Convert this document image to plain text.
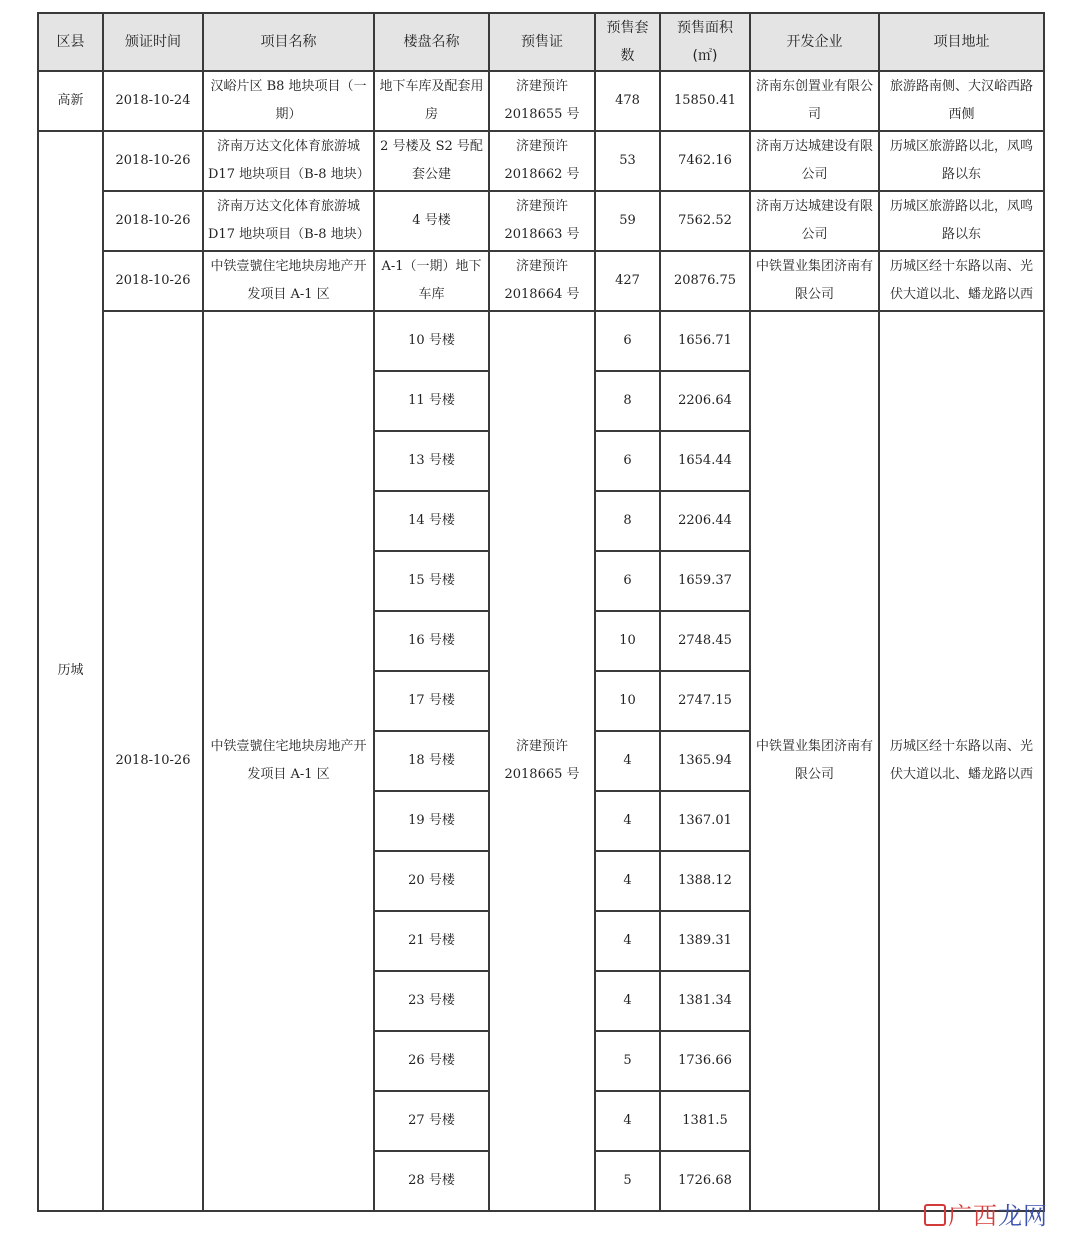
区县	颁证时间	项目名称	楼盘名称	预售证	预售套数	预售面积(㎡)	开发企业	项目地址
高新	2018-10-24	汉峪片区 B8 地块项目（一期）	地下车库及配套用房	济建预许 2018655 号	478	15850.41	济南东创置业有限公司	旅游路南侧、大汉峪西路西侧
历城	2018-10-26	济南万达文化体育旅游城 D17 地块项目（B-8 地块）	2 号楼及 S2 号配套公建	济建预许 2018662 号	53	7462.16	济南万达城建设有限公司	历城区旅游路以北，凤鸣路以东
	2018-10-26	济南万达文化体育旅游城 D17 地块项目（B-8 地块）	4 号楼	济建预许 2018663 号	59	7562.52	济南万达城建设有限公司	历城区旅游路以北，凤鸣路以东
	2018-10-26	中铁壹號住宅地块房地产开发项目 A-1 区	A-1（一期）地下车库	济建预许 2018664 号	427	20876.75	中铁置业集团济南有限公司	历城区经十东路以南、光伏大道以北、蟠龙路以西
	2018-10-26	中铁壹號住宅地块房地产开发项目 A-1 区	10 号楼	济建预许 2018665 号	6	1656.71	中铁置业集团济南有限公司	历城区经十东路以南、光伏大道以北、蟠龙路以西
			11 号楼		8	2206.64		
			13 号楼		6	1654.44		
			14 号楼		8	2206.44		
			15 号楼		6	1659.37		
			16 号楼		10	2748.45		
			17 号楼		10	2747.15		
			18 号楼		4	1365.94		
			19 号楼		4	1367.01		
			20 号楼		4	1388.12		
			21 号楼		4	1389.31		
			23 号楼		4	1381.34		
			26 号楼		5	1736.66		
			27 号楼		4	1381.5		
			28 号楼		5	1726.68		
广西龙网
